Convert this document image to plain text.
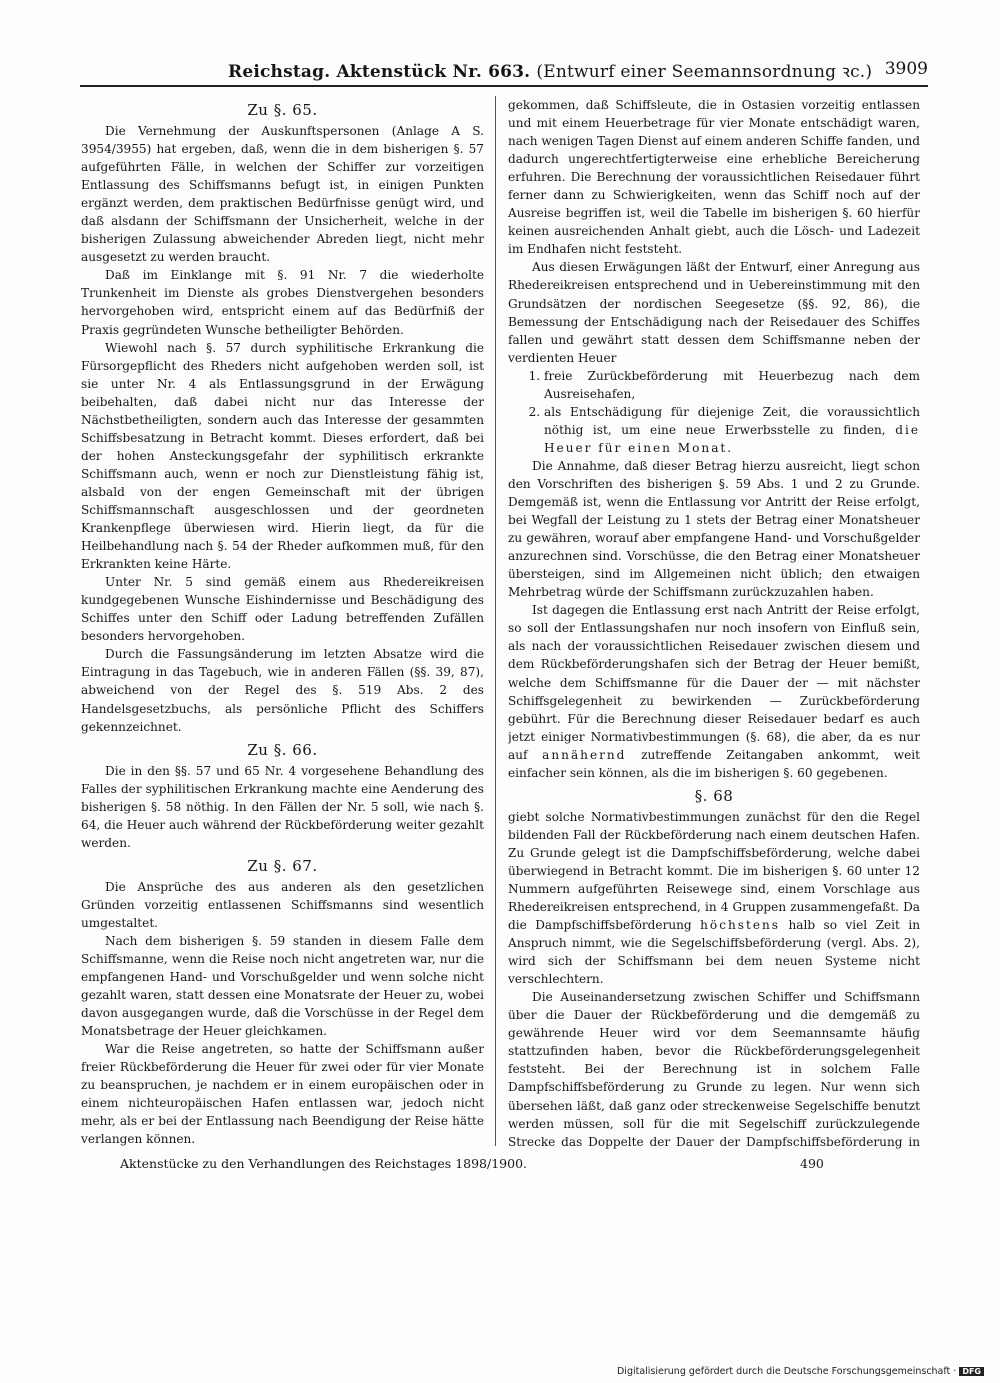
Reichstag. Aktenstück Nr. 663. (Entwurf einer Seemannsordnung ꝛc.) 3909
Zu §. 65.

Die Vernehmung der Auskunftspersonen (Anlage A S. 3954/3955) hat ergeben, daß, wenn die in dem bisherigen §. 57 aufgeführten Fälle, in welchen der Schiffer zur vorzeitigen Entlassung des Schiffsmanns befugt ist, in einigen Punkten ergänzt werden, dem praktischen Bedürfnisse genügt wird, und daß alsdann der Schiffsmann der Unsicherheit, welche in der bisherigen Zulassung abweichender Abreden liegt, nicht mehr ausgesetzt zu werden braucht.

Daß im Einklange mit §. 91 Nr. 7 die wiederholte Trunkenheit im Dienste als grobes Dienstvergehen besonders hervorgehoben wird, entspricht einem auf das Bedürfniß der Praxis gegründeten Wunsche betheiligter Behörden.

Wiewohl nach §. 57 durch syphilitische Erkrankung die Fürsorgepflicht des Rheders nicht aufgehoben werden soll, ist sie unter Nr. 4 als Entlassungsgrund in der Erwägung beibehalten, daß dabei nicht nur das Interesse der Nächstbetheiligten, sondern auch das Interesse der gesammten Schiffsbesatzung in Betracht kommt. Dieses erfordert, daß bei der hohen Ansteckungsgefahr der syphilitisch erkrankte Schiffsmann auch, wenn er noch zur Dienstleistung fähig ist, alsbald von der engen Gemeinschaft mit der übrigen Schiffsmannschaft ausgeschlossen und der geordneten Krankenpflege überwiesen wird. Hierin liegt, da für die Heilbehandlung nach §. 54 der Rheder aufkommen muß, für den Erkrankten keine Härte.

Unter Nr. 5 sind gemäß einem aus Rhedereikreisen kundgegebenen Wunsche Eishindernisse und Beschädigung des Schiffes unter den Schiff oder Ladung betreffenden Zufällen besonders hervorgehoben.

Durch die Fassungsänderung im letzten Absatze wird die Eintragung in das Tagebuch, wie in anderen Fällen (§§. 39, 87), abweichend von der Regel des §. 519 Abs. 2 des Handelsgesetzbuchs, als persönliche Pflicht des Schiffers gekennzeichnet.

Zu §. 66.

Die in den §§. 57 und 65 Nr. 4 vorgesehene Behandlung des Falles der syphilitischen Erkrankung machte eine Aenderung des bisherigen §. 58 nöthig. In den Fällen der Nr. 5 soll, wie nach §. 64, die Heuer auch während der Rückbeförderung weiter gezahlt werden.

Zu §. 67.

Die Ansprüche des aus anderen als den gesetzlichen Gründen vorzeitig entlassenen Schiffsmanns sind wesentlich umgestaltet.

Nach dem bisherigen §. 59 standen in diesem Falle dem Schiffsmanne, wenn die Reise noch nicht angetreten war, nur die empfangenen Hand- und Vorschußgelder und wenn solche nicht gezahlt waren, statt dessen eine Monatsrate der Heuer zu, wobei davon ausgegangen wurde, daß die Vorschüsse in der Regel dem Monatsbetrage der Heuer gleichkamen.

War die Reise angetreten, so hatte der Schiffsmann außer freier Rückbeförderung die Heuer für zwei oder für vier Monate zu beanspruchen, je nachdem er in einem europäischen oder in einem nichteuropäischen Hafen entlassen war, jedoch nicht mehr, als er bei der Entlassung nach Beendigung der Reise hätte verlangen können.

gekommen, daß Schiffsleute, die in Ostasien vorzeitig entlassen und mit einem Heuerbetrage für vier Monate entschädigt waren, nach wenigen Tagen Dienst auf einem anderen Schiffe fanden, und dadurch ungerechtfertigterweise eine erhebliche Bereicherung erfuhren. Die Berechnung der voraussichtlichen Reisedauer führt ferner dann zu Schwierigkeiten, wenn das Schiff noch auf der Ausreise begriffen ist, weil die Tabelle im bisherigen §. 60 hierfür keinen ausreichenden Anhalt giebt, auch die Lösch- und Ladezeit im Endhafen nicht feststeht.

Aus diesen Erwägungen läßt der Entwurf, einer Anregung aus Rhedereikreisen entsprechend und in Uebereinstimmung mit den Grundsätzen der nordischen Seegesetze (§§. 92, 86), die Bemessung der Entschädigung nach der Reisedauer des Schiffes fallen und gewährt statt dessen dem Schiffsmanne neben der verdienten Heuer

1. freie Zurückbeförderung mit Heuerbezug nach dem Ausreisehafen,
2. als Entschädigung für diejenige Zeit, die voraussichtlich nöthig ist, um eine neue Erwerbsstelle zu finden, die Heuer für einen Monat.

Die Annahme, daß dieser Betrag hierzu ausreicht, liegt schon den Vorschriften des bisherigen §. 59 Abs. 1 und 2 zu Grunde. Demgemäß ist, wenn die Entlassung vor Antritt der Reise erfolgt, bei Wegfall der Leistung zu 1 stets der Betrag einer Monatsheuer zu gewähren, worauf aber empfangene Hand- und Vorschußgelder anzurechnen sind. Vorschüsse, die den Betrag einer Monatsheuer übersteigen, sind im Allgemeinen nicht üblich; den etwaigen Mehrbetrag würde der Schiffsmann zurückzuzahlen haben.

Ist dagegen die Entlassung erst nach Antritt der Reise erfolgt, so soll der Entlassungshafen nur noch insofern von Einfluß sein, als nach der voraussichtlichen Reisedauer zwischen diesem und dem Rückbeförderungshafen sich der Betrag der Heuer bemißt, welche dem Schiffsmanne für die Dauer der — mit nächster Schiffsgelegenheit zu bewirkenden — Zurückbeförderung gebührt. Für die Berechnung dieser Reisedauer bedarf es auch jetzt einiger Normativbestimmungen (§. 68), die aber, da es nur auf annähernd zutreffende Zeitangaben ankommt, weit einfacher sein können, als die im bisherigen §. 60 gegebenen.

§. 68

giebt solche Normativbestimmungen zunächst für den die Regel bildenden Fall der Rückbeförderung nach einem deutschen Hafen. Zu Grunde gelegt ist die Dampfschiffsbeförderung, welche dabei überwiegend in Betracht kommt. Die im bisherigen §. 60 unter 12 Nummern aufgeführten Reisewege sind, einem Vorschlage aus Rhedereikreisen entsprechend, in 4 Gruppen zusammengefaßt. Da die Dampfschiffsbeförderung höchstens halb so viel Zeit in Anspruch nimmt, wie die Segelschiffsbeförderung (vergl. Abs. 2), wird sich der Schiffsmann bei dem neuen Systeme nicht verschlechtern.

Die Auseinandersetzung zwischen Schiffer und Schiffsmann über die Dauer der Rückbeförderung und die demgemäß zu gewährende Heuer wird vor dem Seemannsamte häufig stattzufinden haben, bevor die Rückbeförderungsgelegenheit feststeht. Bei der Berechnung ist in solchem Falle Dampfschiffsbeförderung zu Grunde zu legen. Nur wenn sich übersehen läßt, daß ganz oder streckenweise Segelschiffe benutzt werden müssen, soll für die mit Segelschiff zurückzulegende Strecke das Doppelte der Dauer der Dampfschiffsbeförderung in

Aktenstücke zu den Verhandlungen des Reichstages 1898/1900.	490
Digitalisierung gefördert durch die Deutsche Forschungsgemeinschaft · DFG
